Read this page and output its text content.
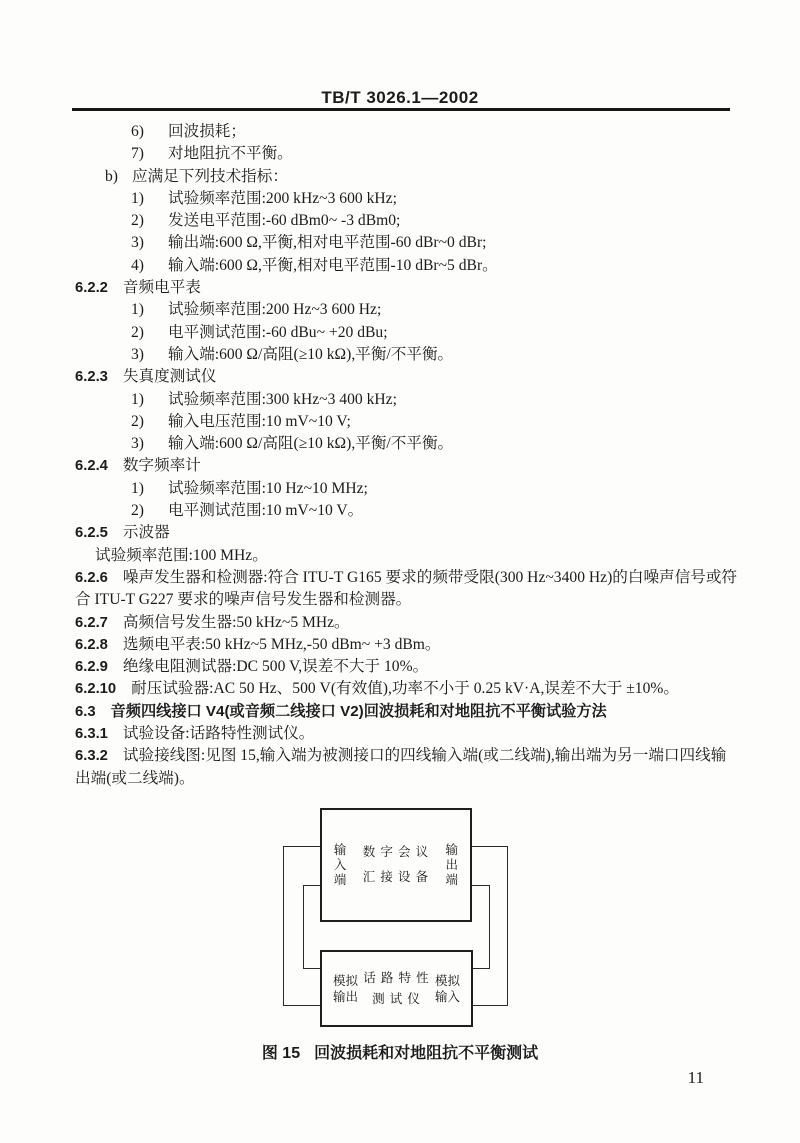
TB/T 3026.1—2002
6) 回波损耗；
7) 对地阻抗不平衡。
b) 应满足下列技术指标：
1) 试验频率范围:200 kHz~3 600 kHz;
2) 发送电平范围:-60 dBm0~ -3 dBm0;
3) 输出端:600 Ω,平衡,相对电平范围-60 dBr~0 dBr;
4) 输入端:600 Ω,平衡,相对电平范围-10 dBr~5 dBr。
6.2.2 音频电平表
1) 试验频率范围:200 Hz~3 600 Hz;
2) 电平测试范围:-60 dBu~ +20 dBu;
3) 输入端:600 Ω/高阻(≥10 kΩ),平衡/不平衡。
6.2.3 失真度测试仪
1) 试验频率范围:300 kHz~3 400 kHz;
2) 输入电压范围:10 mV~10 V;
3) 输入端:600 Ω/高阻(≥10 kΩ),平衡/不平衡。
6.2.4 数字频率计
1) 试验频率范围:10 Hz~10 MHz;
2) 电平测试范围:10 mV~10 V。
6.2.5 示波器
试验频率范围:100 MHz。
6.2.6 噪声发生器和检测器:符合 ITU-T G165 要求的频带受限(300 Hz~3400 Hz)的白噪声信号或符
合 ITU-T G227 要求的噪声信号发生器和检测器。
6.2.7 高频信号发生器:50 kHz~5 MHz。
6.2.8 选频电平表:50 kHz~5 MHz,-50 dBm~ +3 dBm。
6.2.9 绝缘电阻测试器:DC 500 V,误差不大于 10%。
6.2.10 耐压试验器:AC 50 Hz、500 V(有效值),功率不小于 0.25 kV·A,误差不大于 ±10%。
6.3 音频四线接口 V4(或音频二线接口 V2)回波损耗和对地阻抗不平衡试验方法
6.3.1 试验设备:话路特性测试仪。
6.3.2 试验接线图:见图 15,输入端为被测接口的四线输入端(或二线端),输出端为另一端口四线输
出端(或二线端)。
输入端
数 字 会 议
汇 接 设 备
输出端
模拟
输出
话 路 特 性
测 试 仪
模拟
输入
图 15 回波损耗和对地阻抗不平衡测试
11
